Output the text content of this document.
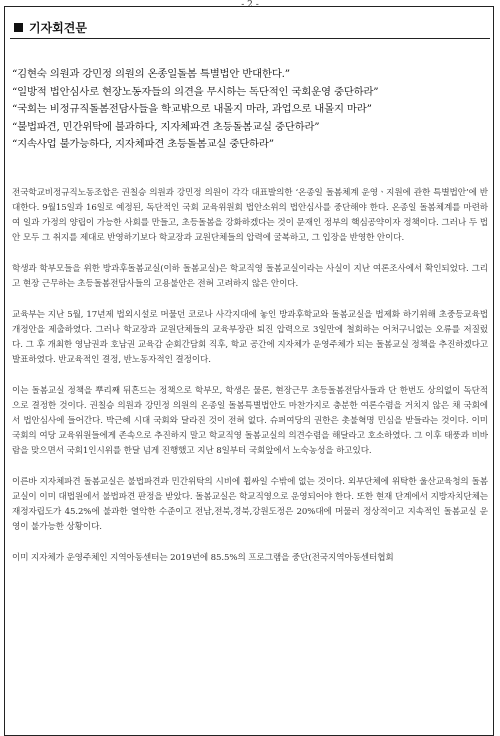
- 2 -
기자회견문
“김현숙 의원과 강민정 의원의 온종일돌봄 특별법안 반대한다.”
“일방적 법안심사로 현장노동자들의 의견을 무시하는 독단적인 국회운영 중단하라”
“국회는 비정규직돌봄전담사들을 학교밖으로 내몰지 마라, 과업으로 내몰지 마라”
“불법파견, 민간위탁에 불과하다, 지자체파견 초등돌봄교실 중단하라”
“지속사업 불가능하다, 지자체파견 초등돌봄교실 중단하라”

전국학교비정규직노동조합은 권칠승 의원과 강민정 의원이 각각 대표발의한 ‘온종일 돌봄체계 운영ㆍ지원에 관한 특별법안’에 반대한다. 9월15일과 16일로 예정된, 독단적인 국회 교육위원회 법안소위의 법안심사를 중단해야 한다. 온종일 돌봄체계를 마련하여 일과 가정의 양립이 가능한 사회를 만들고, 초등돌봄을 강화하겠다는 것이 문재인 정부의 핵심공약이자 정책이다. 그러나 두 법안 모두 그 취지를 제대로 반영하기보다 학교장과 교원단체들의 압력에 굴복하고, 그 입장을 반영한 안이다.

학생과 학부모들을 위한 방과후돌봄교실(이하 돌봄교실)은 학교직영 돌봄교실이라는 사실이 지난 여론조사에서 확인되었다. 그리고 현장 근무하는 초등돌봄전담사들의 고용불안은 전혀 고려하지 않은 안이다.

교육부는 지난 5월, 17년제 법외시설로 머물던 코로나 사각지대에 놓인 방과후학교와 돌봄교실을 법제화 하기위해 초중등교육법개정안을 제출하였다. 그러나 학교장과 교원단체들의 교육부장관 퇴진 압력으로 3일만에 철회하는 어처구니없는 오류를 저질렀다. 그 후 개최한 영남권과 호남권 교육감 순회간담회 직후, 학교 공간에 지자체가 운영주체가 되는 돌봄교실 정책을 추진하겠다고 발표하였다. 반교육적인 결정, 반노동자적인 결정이다.

이는 돌봄교실 정책을 뿌리째 뒤흔드는 정책으로 학부모, 학생은 물론, 현장근무 초등돌봄전담사들과 단 한번도 상의없이 독단적으로 결정한 것이다. 권칠승 의원과 강민정 의원의 온종일 돌봄특별법안도 마찬가지로 충분한 여론수렴을 거치지 않은 채 국회에서 법안심사에 들어간다. 박근혜 시대 국회와 달라진 것이 전혀 없다. 슈퍼여당의 권한은 촛불혁명 민심을 받들라는 것이다. 이미 국회의 여당 교육위원들에게 존속으로 추진하지 말고 학교직영 돌봄교실의 의견수렴을 해달라고 호소하였다. 그 이후 태풍과 비바람을 맞으면서 국회1인시위를 한달 넘게 진행했고 지난 8일부터 국회앞에서 노숙농성을 하고있다.

이른바 지자체파견 돌봄교실은 불법파견과 민간위탁의 시비에 휩싸일 수밖에 없는 것이다. 외부단체에 위탁한 울산교육청의 돌봄교실이 이미 대법원에서 불법파견 판정을 받았다. 돌봄교실은 학교직영으로 운영되어야 한다. 또한 현재 단계에서 지방자치단체는 재정자립도가 45.2%에 불과한 열악한 수준이고 전남,전북,경북,강원도정은 20%대에 머물러 정상적이고 지속적인 돌봄교실 운영이 불가능한 상황이다.

이미 지자체가 운영주체인 지역아동센터는 2019년에 85.5%의 프로그램을 중단(전국지역아동센터협회
